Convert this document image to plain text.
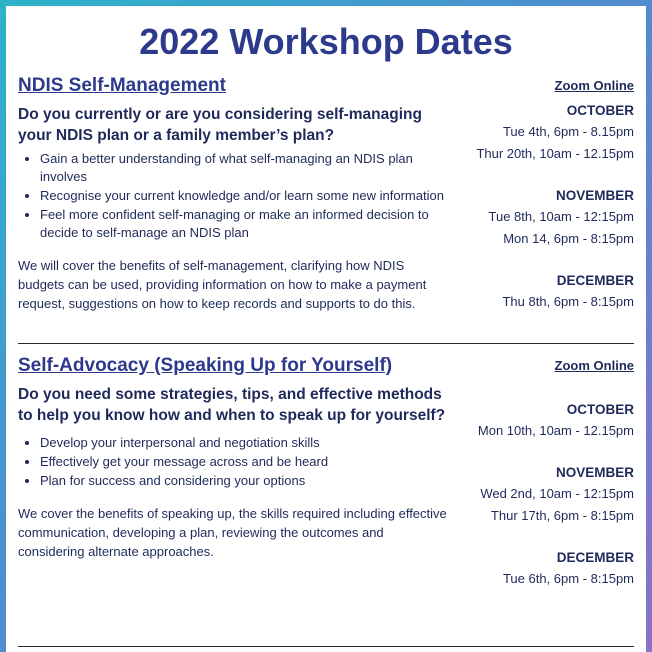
2022 Workshop Dates
NDIS Self-Management

Do you currently or are you considering self-managing your NDIS plan or a family member’s plan?

• Gain a better understanding of what self-managing an NDIS plan involves
• Recognise your current knowledge and/or learn some new information
• Feel more confident self-managing or make an informed decision to decide to self-manage an NDIS plan

We will cover the benefits of self-management, clarifying how NDIS budgets can be used, providing information on how to make a payment request, suggestions on how to keep records and supports to do this.

Zoom Online
OCTOBER
Tue 4th, 6pm - 8.15pm
Thur 20th, 10am - 12.15pm
NOVEMBER
Tue 8th, 10am - 12:15pm
Mon 14, 6pm - 8:15pm
DECEMBER
Thu 8th, 6pm - 8:15pm
Self-Advocacy (Speaking Up for Yourself)

Do you need some strategies, tips, and effective methods to help you know how and when to speak up for yourself?

• Develop your interpersonal and negotiation skills
• Effectively get your message across and be heard
• Plan for success and considering your options

We cover the benefits of speaking up, the skills required including effective communication, developing a plan, reviewing the outcomes and considering alternate approaches.

Zoom Online
OCTOBER
Mon 10th, 10am - 12.15pm
NOVEMBER
Wed 2nd, 10am - 12:15pm
Thur 17th, 6pm - 8:15pm
DECEMBER
Tue 6th, 6pm - 8:15pm
